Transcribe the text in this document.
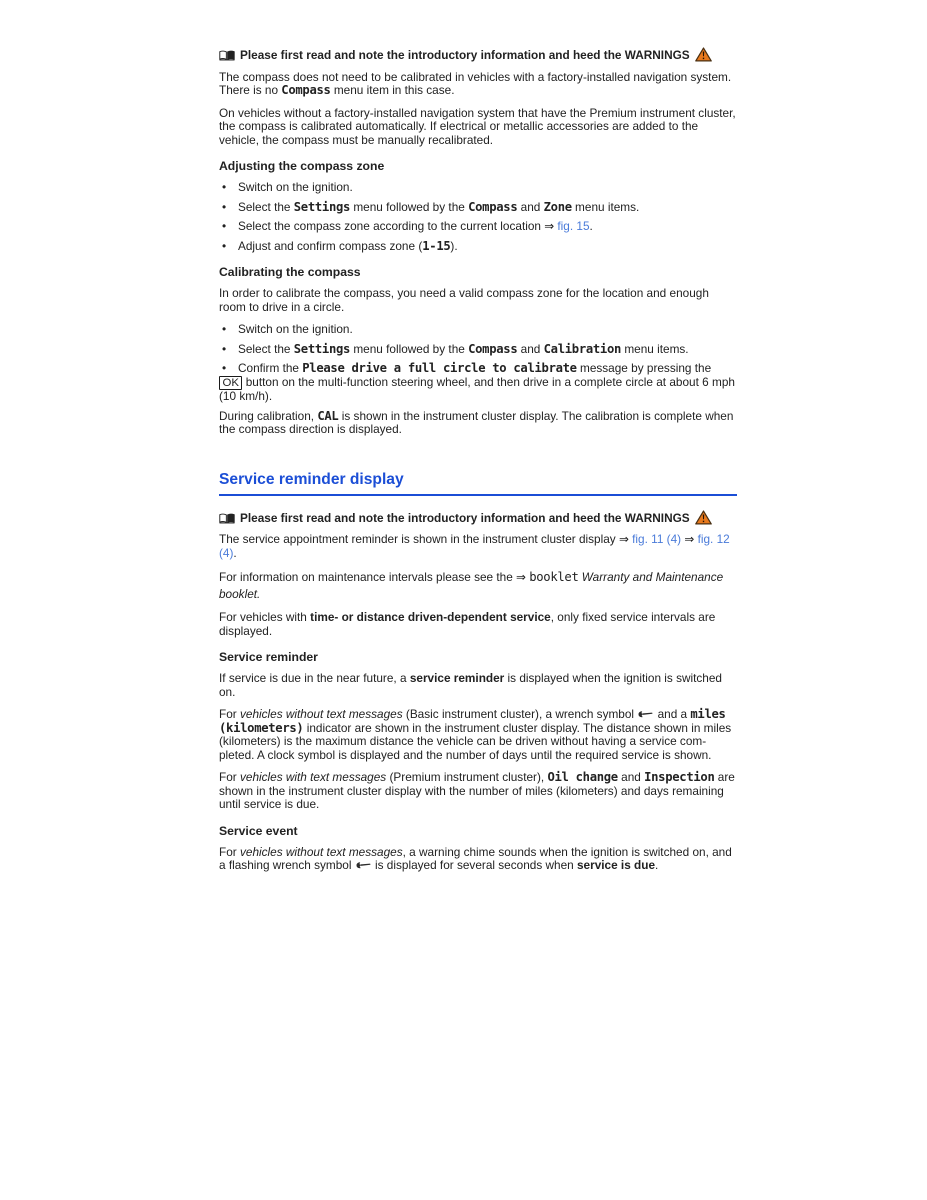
Please first read and note the introductory information and heed the WARNINGS

The compass does not need to be calibrated in vehicles with a factory-installed navigation system. There is no Compass menu item in this case.

On vehicles without a factory-installed navigation system that have the Premium instrument cluster, the compass is calibrated automatically. If electrical or metallic accessories are added to the vehicle, the compass must be manually recalibrated.

Adjusting the compass zone

• Switch on the ignition.

• Select the Settings menu followed by the Compass and Zone menu items.

• Select the compass zone according to the current location ⇒ fig. 15.

• Adjust and confirm compass zone (1-15).

Calibrating the compass

In order to calibrate the compass, you need a valid compass zone for the location and enough room to drive in a circle.

• Switch on the ignition.

• Select the Settings menu followed by the Compass and Calibration menu items.

• Confirm the Please drive a full circle to calibrate message by pressing the OK button on the multi-function steering wheel, and then drive in a complete circle at about 6 mph (10 km/h).

During calibration, CAL is shown in the instrument cluster display. The calibration is complete when the compass direction is displayed.

Service reminder display

Please first read and note the introductory information and heed the WARNINGS

The service appointment reminder is shown in the instrument cluster display ⇒ fig. 11 (4) ⇒ fig. 12 (4).

For information on maintenance intervals please see the ⇒ booklet Warranty and Maintenance booklet.

For vehicles with time- or distance driven-dependent service, only fixed service intervals are displayed.

Service reminder

If service is due in the near future, a service reminder is displayed when the ignition is switched on.

For vehicles without text messages (Basic instrument cluster), a wrench symbol  and a miles (kilometers) indicator are shown in the instrument cluster display. The distance shown in miles (kilometers) is the maximum distance the vehicle can be driven without having a service completed. A clock symbol is displayed and the number of days until the required service is shown.

For vehicles with text messages (Premium instrument cluster), Oil change and Inspection are shown in the instrument cluster display with the number of miles (kilometers) and days remaining until service is due.

Service event

For vehicles without text messages, a warning chime sounds when the ignition is switched on, and a flashing wrench symbol  is displayed for several seconds when service is due.
